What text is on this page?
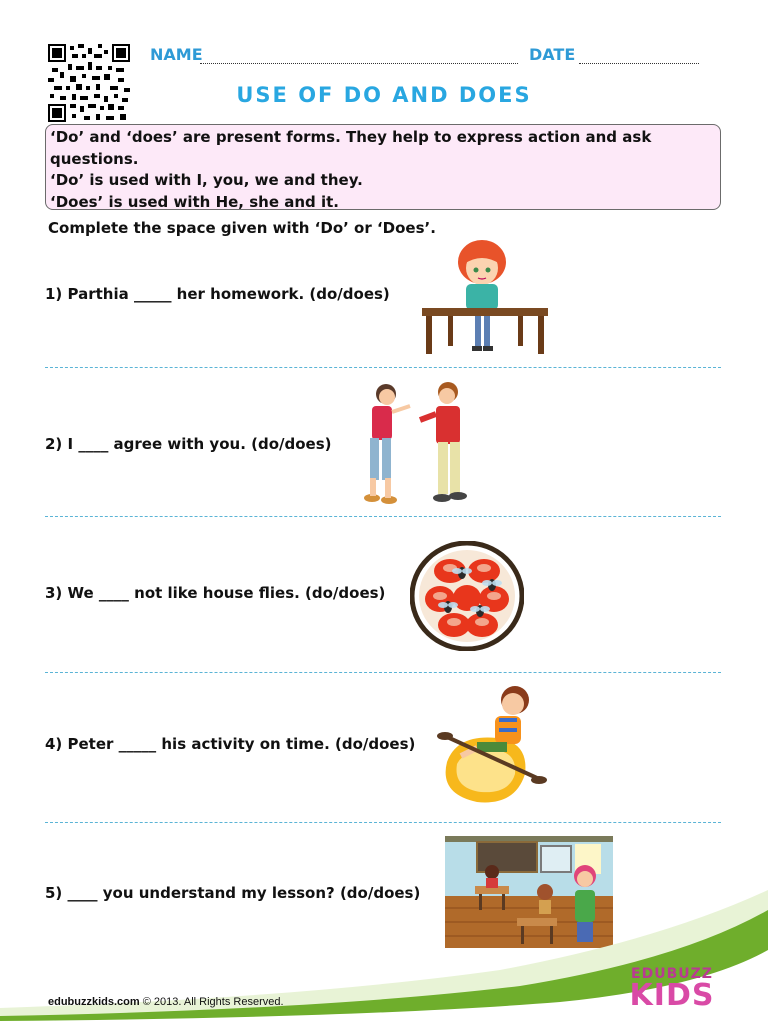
NAME	DATE
USE OF DO AND DOES
‘Do’ and ‘does’ are present forms. They help to express action and ask
questions.
‘Do’ is used with I, you, we and they.
‘Does’ is used with He, she and it.
Complete the space given with ‘Do’ or ‘Does’.
1) Parthia _____ her homework. (do/does)
2) I ____ agree with you. (do/does)
3) We ____ not like house flies. (do/does)
4) Peter _____ his activity on time. (do/does)
5) ____ you understand my lesson? (do/does)
EDUBUZZ
KIDS
edubuzzkids.com © 2013. All Rights Reserved.
